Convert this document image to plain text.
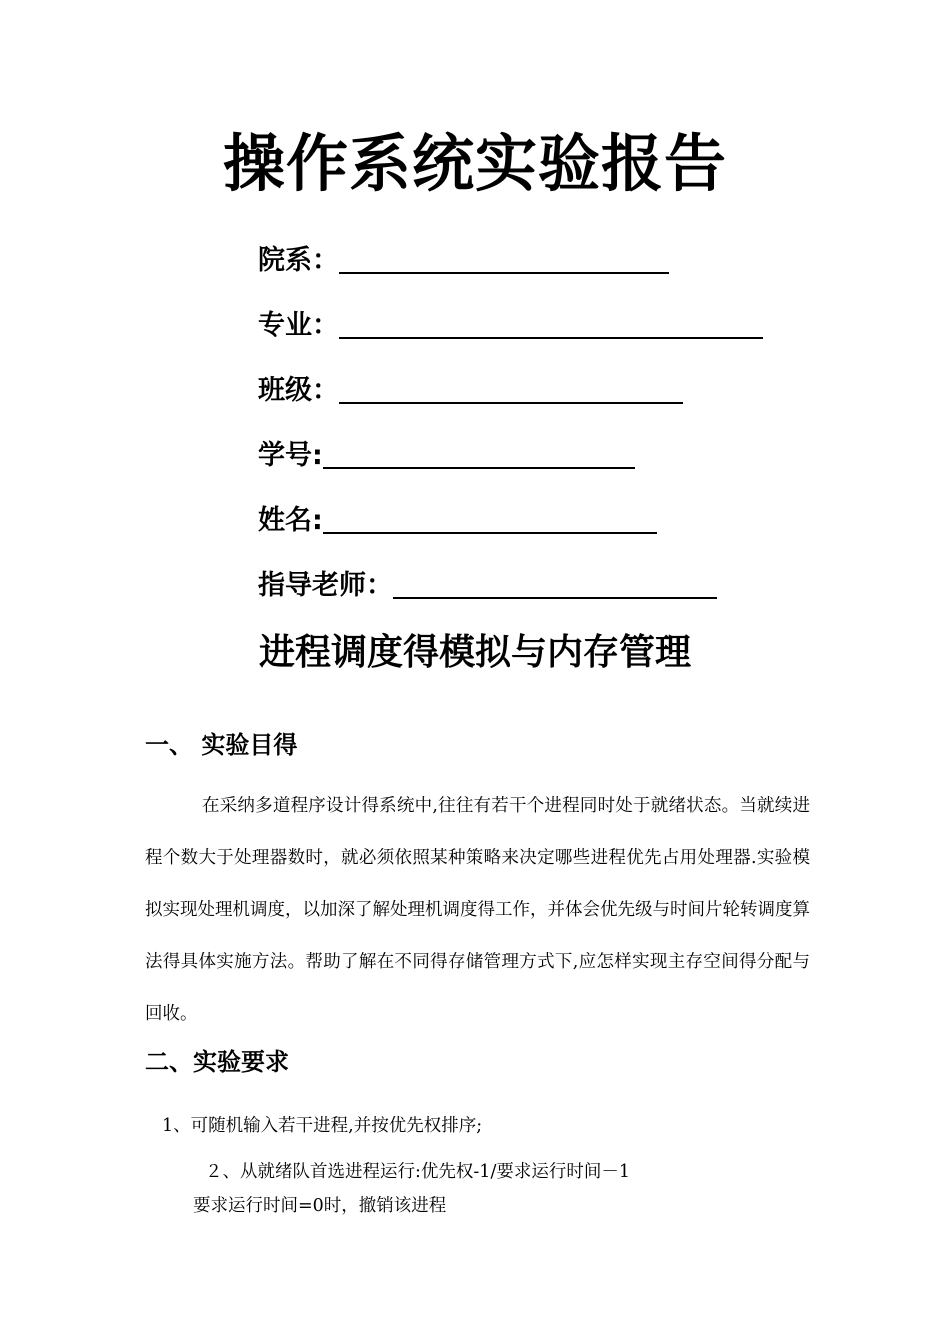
操作系统实验报告
院系：
专业：
班级：
学号:
姓名:
指导老师：
进程调度得模拟与内存管理
一、 实验目得

在采纳多道程序设计得系统中,往往有若干个进程同时处于就绪状态。当就续进程个数大于处理器数时，就必须依照某种策略来决定哪些进程优先占用处理器.实验模拟实现处理机调度，以加深了解处理机调度得工作，并体会优先级与时间片轮转调度算法得具体实施方法。帮助了解在不同得存储管理方式下,应怎样实现主存空间得分配与回收。

二、实验要求

1、可随机输入若干进程,并按优先权排序;

２、从就绪队首选进程运行:优先权-1/要求运行时间－1

要求运行时间=0时，撤销该进程
